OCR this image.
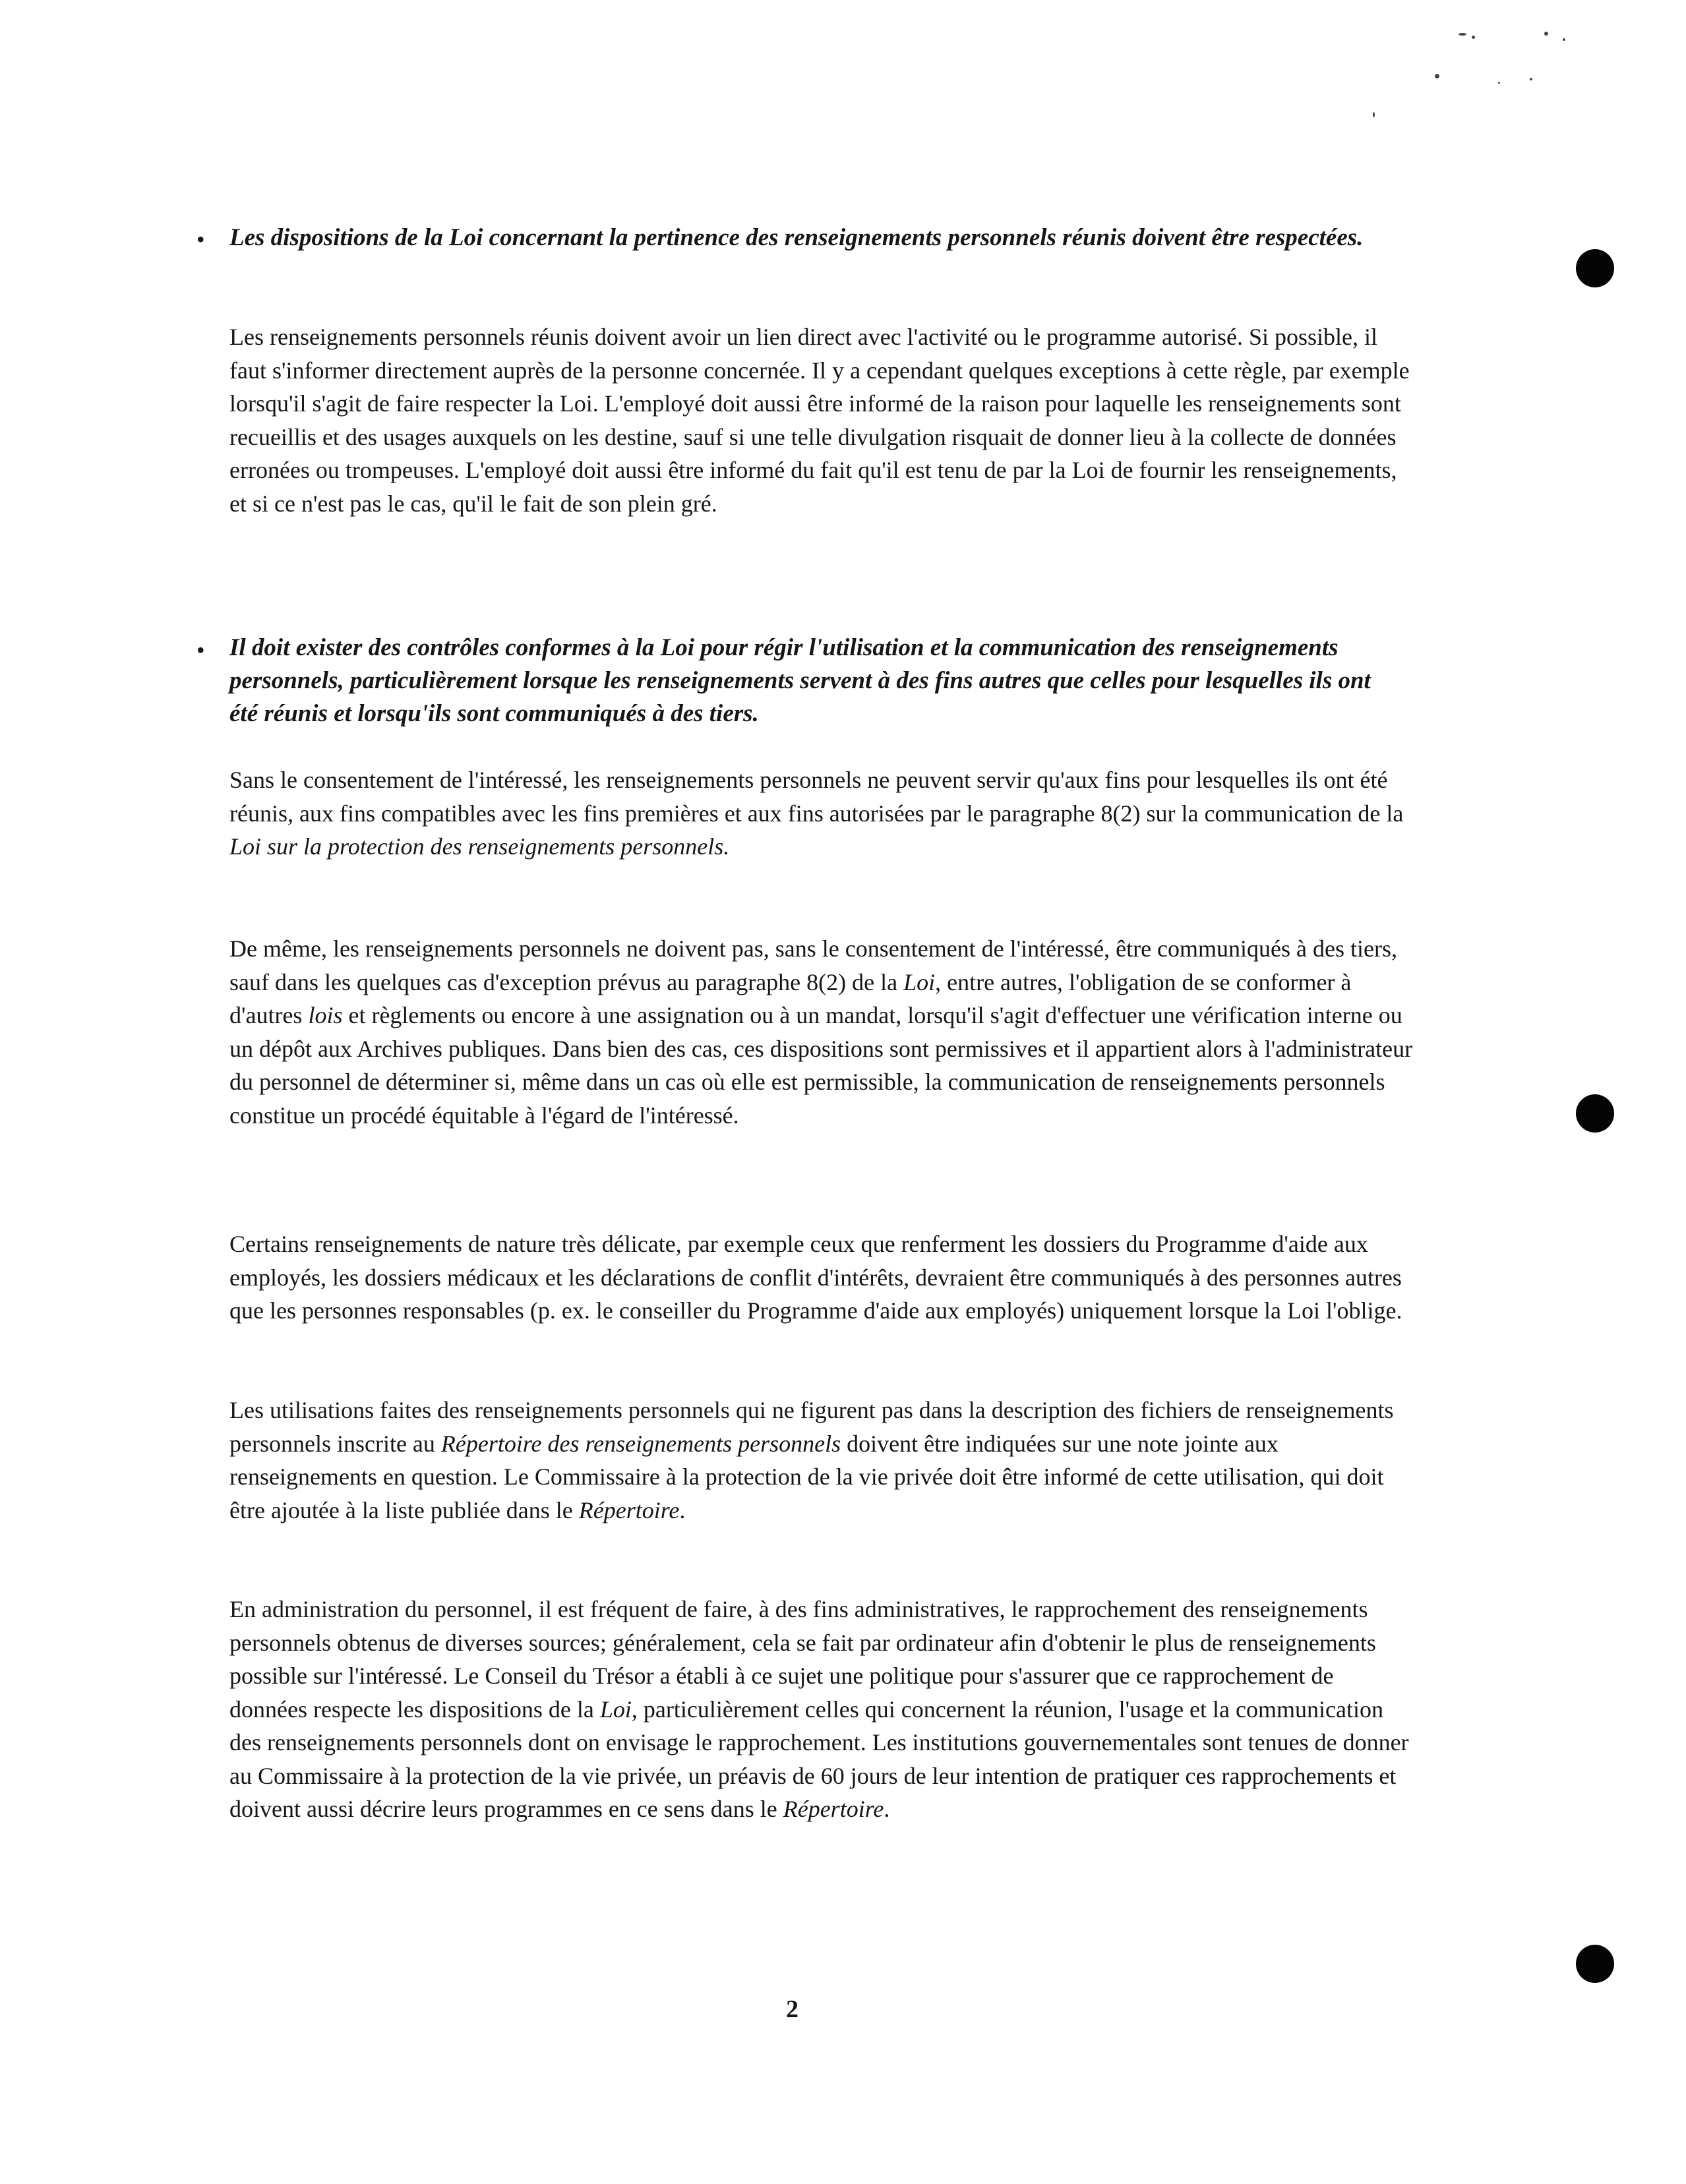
• Les dispositions de la Loi concernant la pertinence des renseignements personnels réunis doivent être respectées.

Les renseignements personnels réunis doivent avoir un lien direct avec l'activité ou le programme autorisé. Si possible, il faut s'informer directement auprès de la personne concernée. Il y a cependant quelques exceptions à cette règle, par exemple lorsqu'il s'agit de faire respecter la Loi. L'employé doit aussi être informé de la raison pour laquelle les renseignements sont recueillis et des usages auxquels on les destine, sauf si une telle divulgation risquait de donner lieu à la collecte de données erronées ou trompeuses. L'employé doit aussi être informé du fait qu'il est tenu de par la Loi de fournir les renseignements, et si ce n'est pas le cas, qu'il le fait de son plein gré.

• Il doit exister des contrôles conformes à la Loi pour régir l'utilisation et la communication des renseignements personnels, particulièrement lorsque les renseignements servent à des fins autres que celles pour lesquelles ils ont été réunis et lorsqu'ils sont communiqués à des tiers.

Sans le consentement de l'intéressé, les renseignements personnels ne peuvent servir qu'aux fins pour lesquelles ils ont été réunis, aux fins compatibles avec les fins premières et aux fins autorisées par le paragraphe 8(2) sur la communication de la Loi sur la protection des renseignements personnels.

De même, les renseignements personnels ne doivent pas, sans le consentement de l'intéressé, être communiqués à des tiers, sauf dans les quelques cas d'exception prévus au paragraphe 8(2) de la Loi, entre autres, l'obligation de se conformer à d'autres lois et règlements ou encore à une assignation ou à un mandat, lorsqu'il s'agit d'effectuer une vérification interne ou un dépôt aux Archives publiques. Dans bien des cas, ces dispositions sont permissives et il appartient alors à l'administrateur du personnel de déterminer si, même dans un cas où elle est permissible, la communication de renseignements personnels constitue un procédé équitable à l'égard de l'intéressé.

Certains renseignements de nature très délicate, par exemple ceux que renferment les dossiers du Programme d'aide aux employés, les dossiers médicaux et les déclarations de conflit d'intérêts, devraient être communiqués à des personnes autres que les personnes responsables (p. ex. le conseiller du Programme d'aide aux employés) uniquement lorsque la Loi l'oblige.

Les utilisations faites des renseignements personnels qui ne figurent pas dans la description des fichiers de renseignements personnels inscrite au Répertoire des renseignements personnels doivent être indiquées sur une note jointe aux renseignements en question. Le Commissaire à la protection de la vie privée doit être informé de cette utilisation, qui doit être ajoutée à la liste publiée dans le Répertoire.

En administration du personnel, il est fréquent de faire, à des fins administratives, le rapprochement des renseignements personnels obtenus de diverses sources; généralement, cela se fait par ordinateur afin d'obtenir le plus de renseignements possible sur l'intéressé. Le Conseil du Trésor a établi à ce sujet une politique pour s'assurer que ce rapprochement de données respecte les dispositions de la Loi, particulièrement celles qui concernent la réunion, l'usage et la communication des renseignements personnels dont on envisage le rapprochement. Les institutions gouvernementales sont tenues de donner au Commissaire à la protection de la vie privée, un préavis de 60 jours de leur intention de pratiquer ces rapprochements et doivent aussi décrire leurs programmes en ce sens dans le Répertoire.

2
